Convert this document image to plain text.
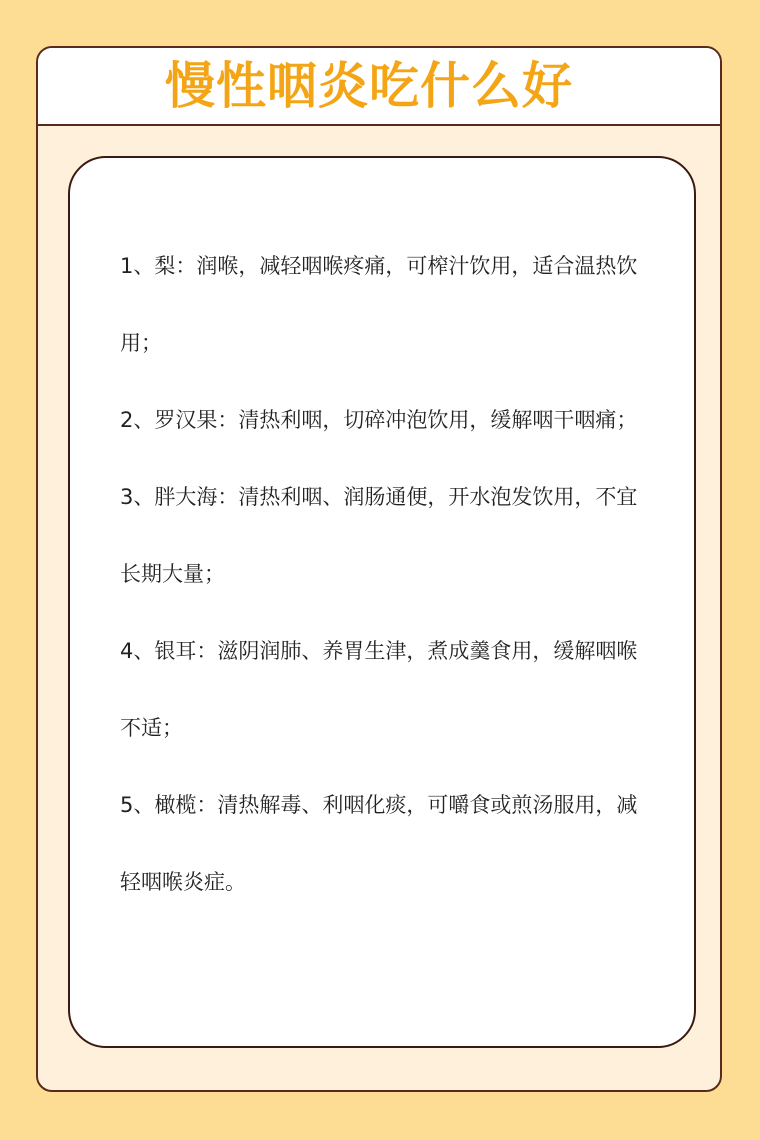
慢性咽炎吃什么好
1、梨：润喉，减轻咽喉疼痛，可榨汁饮用，适合温热饮用；
2、罗汉果：清热利咽，切碎冲泡饮用，缓解咽干咽痛；
3、胖大海：清热利咽、润肠通便，开水泡发饮用，不宜长期大量；
4、银耳：滋阴润肺、养胃生津，煮成羹食用，缓解咽喉不适；
5、橄榄：清热解毒、利咽化痰，可嚼食或煎汤服用，减轻咽喉炎症。
